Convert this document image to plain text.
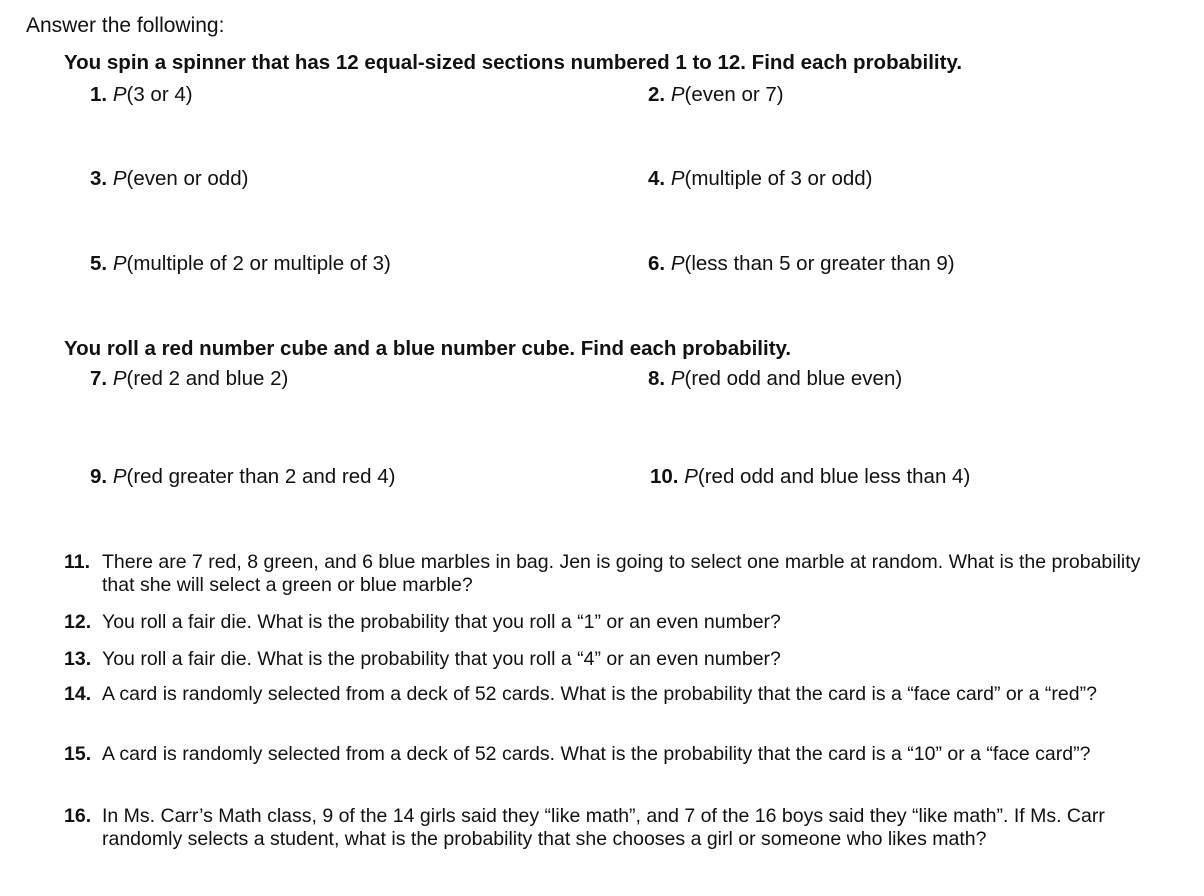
Answer the following:
You spin a spinner that has 12 equal-sized sections numbered 1 to 12. Find each probability.
1. P(3 or 4)	2. P(even or 7)
3. P(even or odd)	4. P(multiple of 3 or odd)
5. P(multiple of 2 or multiple of 3)	6. P(less than 5 or greater than 9)
You roll a red number cube and a blue number cube. Find each probability.
7. P(red 2 and blue 2)	8. P(red odd and blue even)
9. P(red greater than 2 and red 4)	10. P(red odd and blue less than 4)
11. There are 7 red, 8 green, and 6 blue marbles in bag. Jen is going to select one marble at random. What is the probability that she will select a green or blue marble?
12. You roll a fair die. What is the probability that you roll a “1” or an even number?
13. You roll a fair die. What is the probability that you roll a “4” or an even number?
14. A card is randomly selected from a deck of 52 cards. What is the probability that the card is a “face card” or a “red”?
15. A card is randomly selected from a deck of 52 cards. What is the probability that the card is a “10” or a “face card”?
16. In Ms. Carr’s Math class, 9 of the 14 girls said they “like math”, and 7 of the 16 boys said they “like math”. If Ms. Carr randomly selects a student, what is the probability that she chooses a girl or someone who likes math?
